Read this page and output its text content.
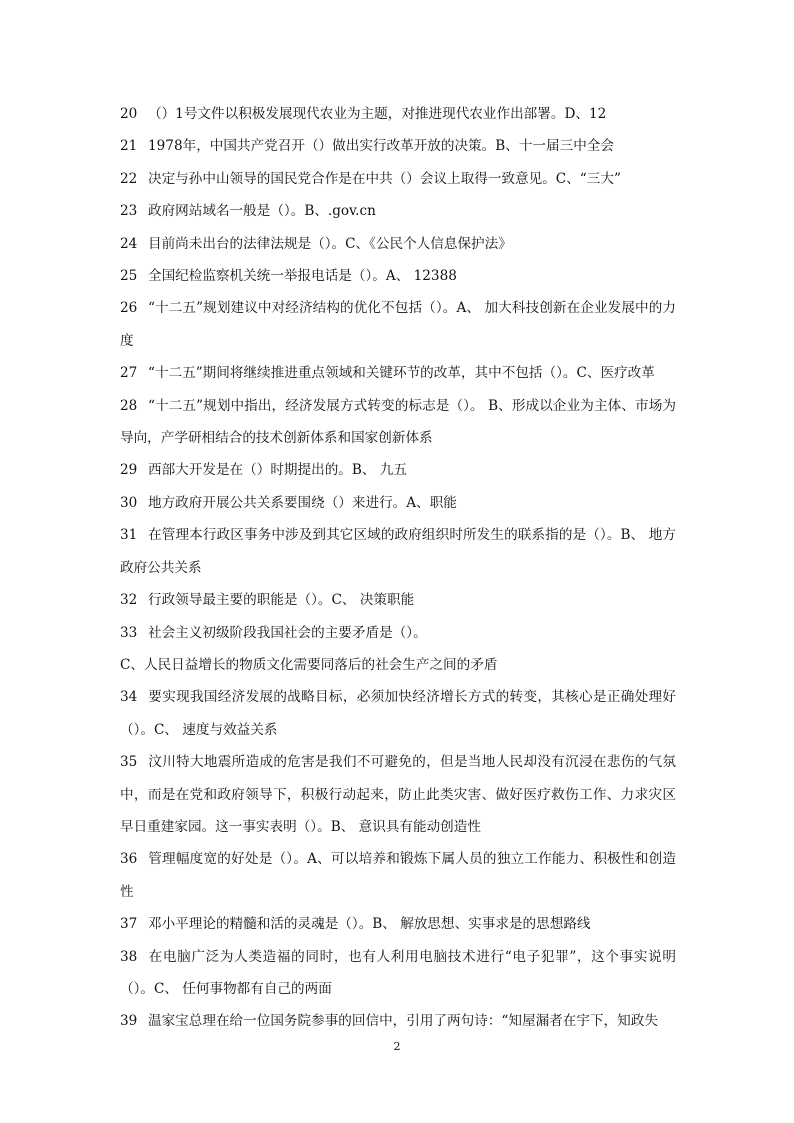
20 （）1号文件以积极发展现代农业为主题，对推进现代农业作出部署。D、12

21 1978年，中国共产党召开（）做出实行改革开放的决策。B、十一届三中全会

22 决定与孙中山领导的国民党合作是在中共（）会议上取得一致意见。C、“三大”

23 政府网站域名一般是（）。B、.gov.cn

24 目前尚未出台的法律法规是（）。C、《公民个人信息保护法》

25 全国纪检监察机关统一举报电话是（）。A、 12388

26 “十二五”规划建议中对经济结构的优化不包括（）。A、 加大科技创新在企业发展中的力度

27 “十二五”期间将继续推进重点领域和关键环节的改革，其中不包括（）。C、医疗改革

28 “十二五”规划中指出，经济发展方式转变的标志是（）。 B、形成以企业为主体、市场为导向，产学研相结合的技术创新体系和国家创新体系

29 西部大开发是在（）时期提出的。B、 九五

30 地方政府开展公共关系要围绕（）来进行。A、职能

31 在管理本行政区事务中涉及到其它区域的政府组织时所发生的联系指的是（）。B、 地方政府公共关系

32 行政领导最主要的职能是（）。C、 决策职能

33 社会主义初级阶段我国社会的主要矛盾是（）。

C、人民日益增长的物质文化需要同落后的社会生产之间的矛盾

34 要实现我国经济发展的战略目标，必须加快经济增长方式的转变，其核心是正确处理好（）。C、 速度与效益关系

35 汶川特大地震所造成的危害是我们不可避免的，但是当地人民却没有沉浸在悲伤的气氛中，而是在党和政府领导下，积极行动起来，防止此类灾害、做好医疗救伤工作、力求灾区早日重建家园。这一事实表明（）。B、 意识具有能动创造性

36 管理幅度宽的好处是（）。A、可以培养和锻炼下属人员的独立工作能力、积极性和创造性

37 邓小平理论的精髓和活的灵魂是（）。B、 解放思想、实事求是的思想路线

38 在电脑广泛为人类造福的同时，也有人利用电脑技术进行“电子犯罪”，这个事实说明（）。C、 任何事物都有自己的两面

39 温家宝总理在给一位国务院参事的回信中，引用了两句诗：“知屋漏者在宇下，知政失

2
